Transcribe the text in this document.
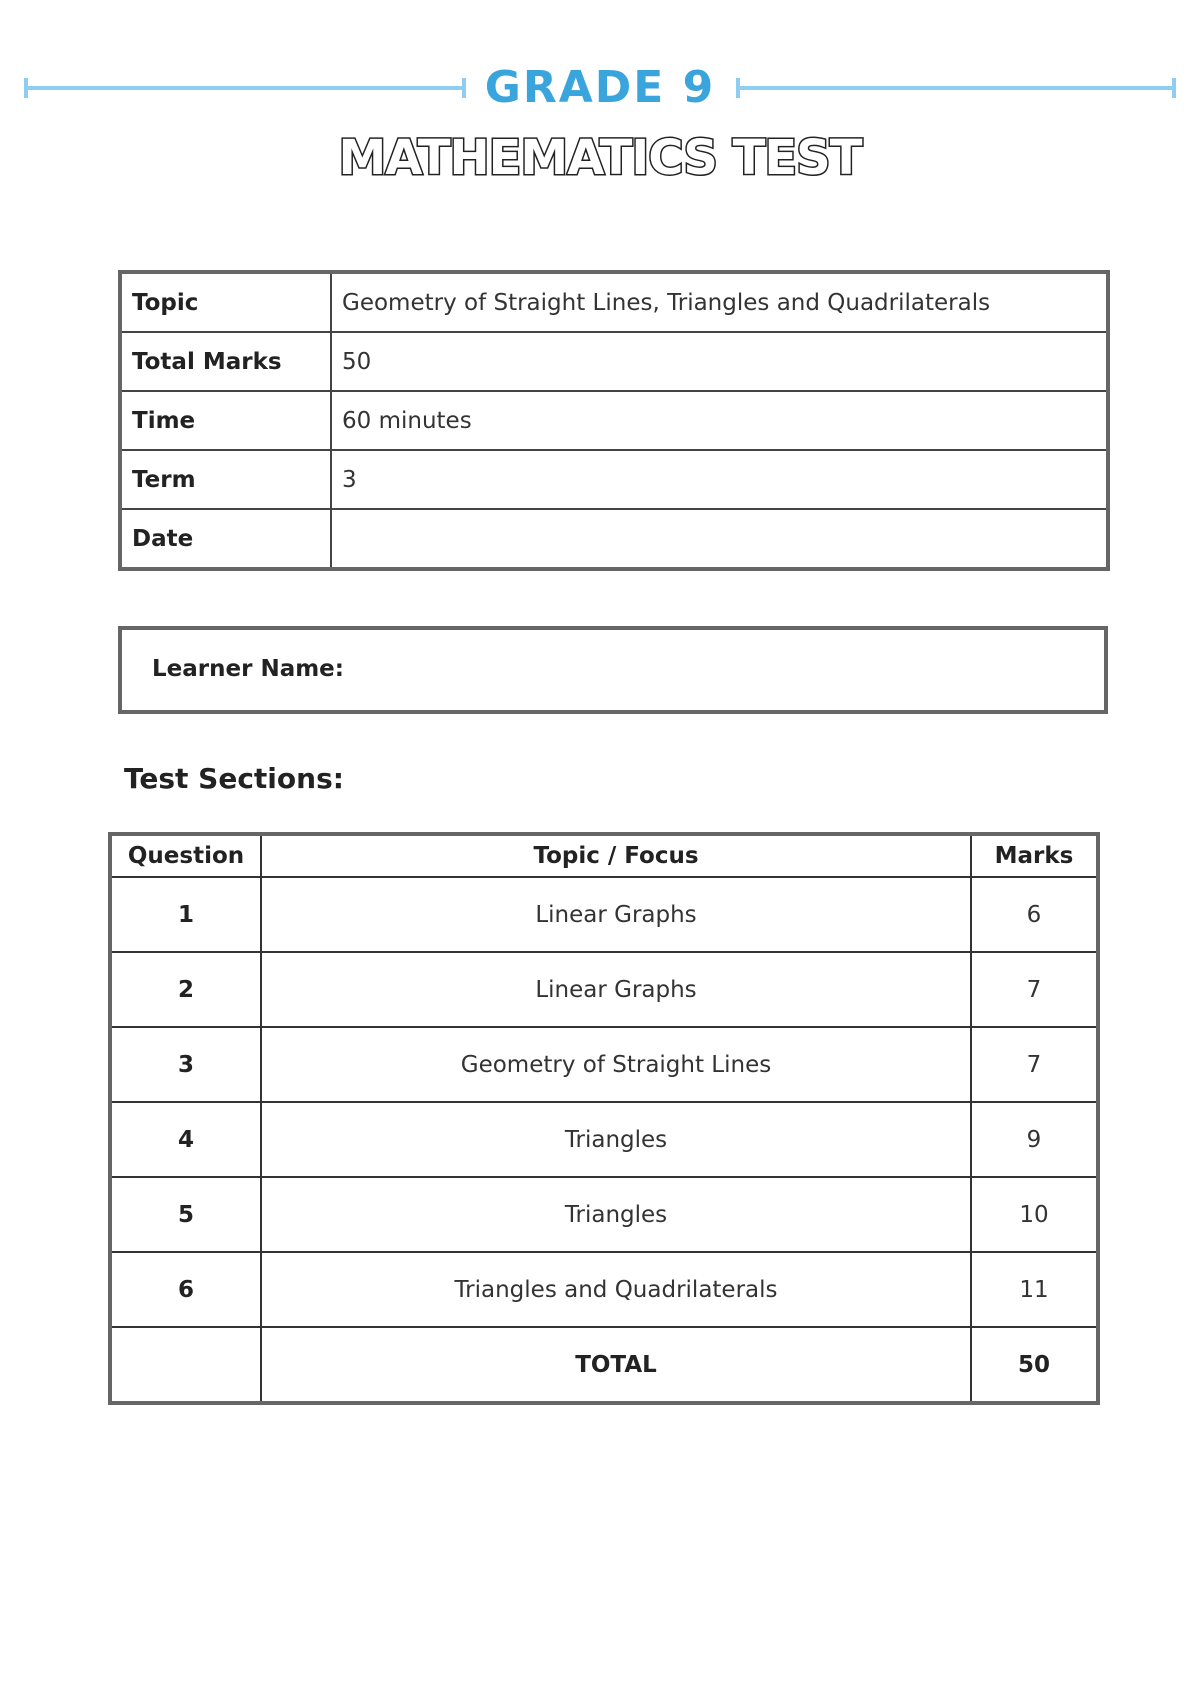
GRADE 9
MATHEMATICS TEST
Topic	Geometry of Straight Lines, Triangles and Quadrilaterals
Total Marks	50
Time	60 minutes
Term	3
Date	
Learner Name:
Test Sections:
Question	Topic / Focus	Marks
1	Linear Graphs	6
2	Linear Graphs	7
3	Geometry of Straight Lines	7
4	Triangles	9
5	Triangles	10
6	Triangles and Quadrilaterals	11
	TOTAL	50
